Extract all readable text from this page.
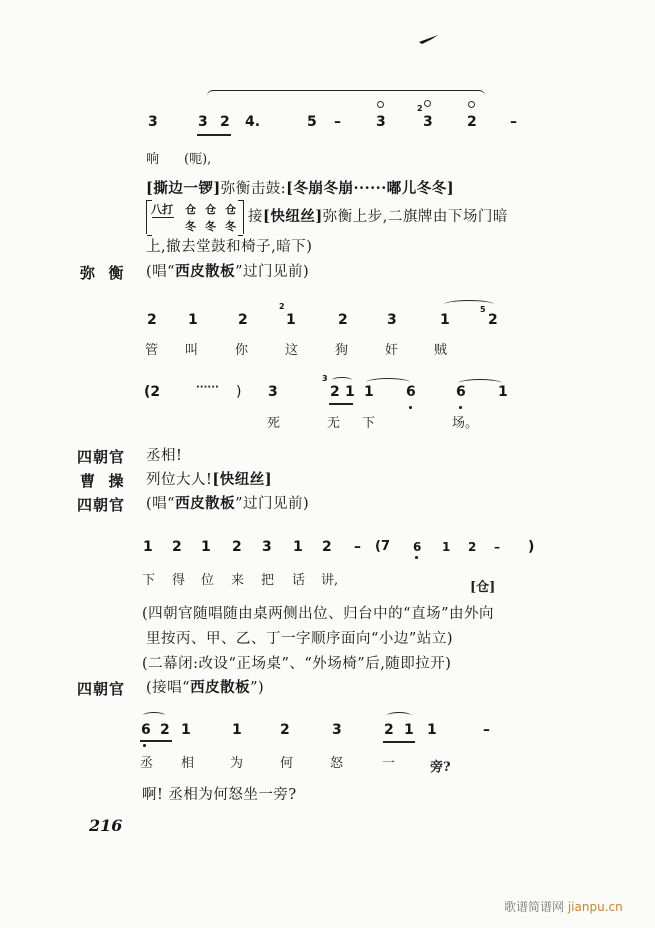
3	3 2 4.	5 –	3
2
3 2 –
响 (呃),
[撕边一锣]弥衡击鼓:[冬崩冬崩······嘟儿冬冬]
八打 仓 仓 仓
冬 冬 冬
接[快纽丝]弥衡上步,二旗牌由下场门暗
上,撤去堂鼓和椅子,暗下)
弥  衡 (唱“西皮散板”过门见前)
2 1	2
2
1	2	3	1
5
2
管 叫	你	这	狗	奸	贼
(2	······ ) 3
3
2 1 1 6	6 1
死	无 下	场。
四朝官 丞相!
曹  操 列位大人![快纽丝]
四朝官 (唱“西皮散板”过门见前)
1 2 1 2 3 1 2 – (7 6 1 2 – )
下 得 位 来 把 话 讲,	[仓]
(四朝官随唱随由桌两侧出位、归台中的“直场”由外向
里按丙、甲、乙、丁一字顺序面向“小边”站立)
(二幕闭:改设“正场桌”、“外场椅”后,随即拉开)
四朝官 (接唱“西皮散板”)
6 2 1	1	2	3	2 1 1	–
丞 相	为	何	怒	一	旁?
啊! 丞相为何怒坐一旁?
216
歌谱简谱网 jianpu.cn
